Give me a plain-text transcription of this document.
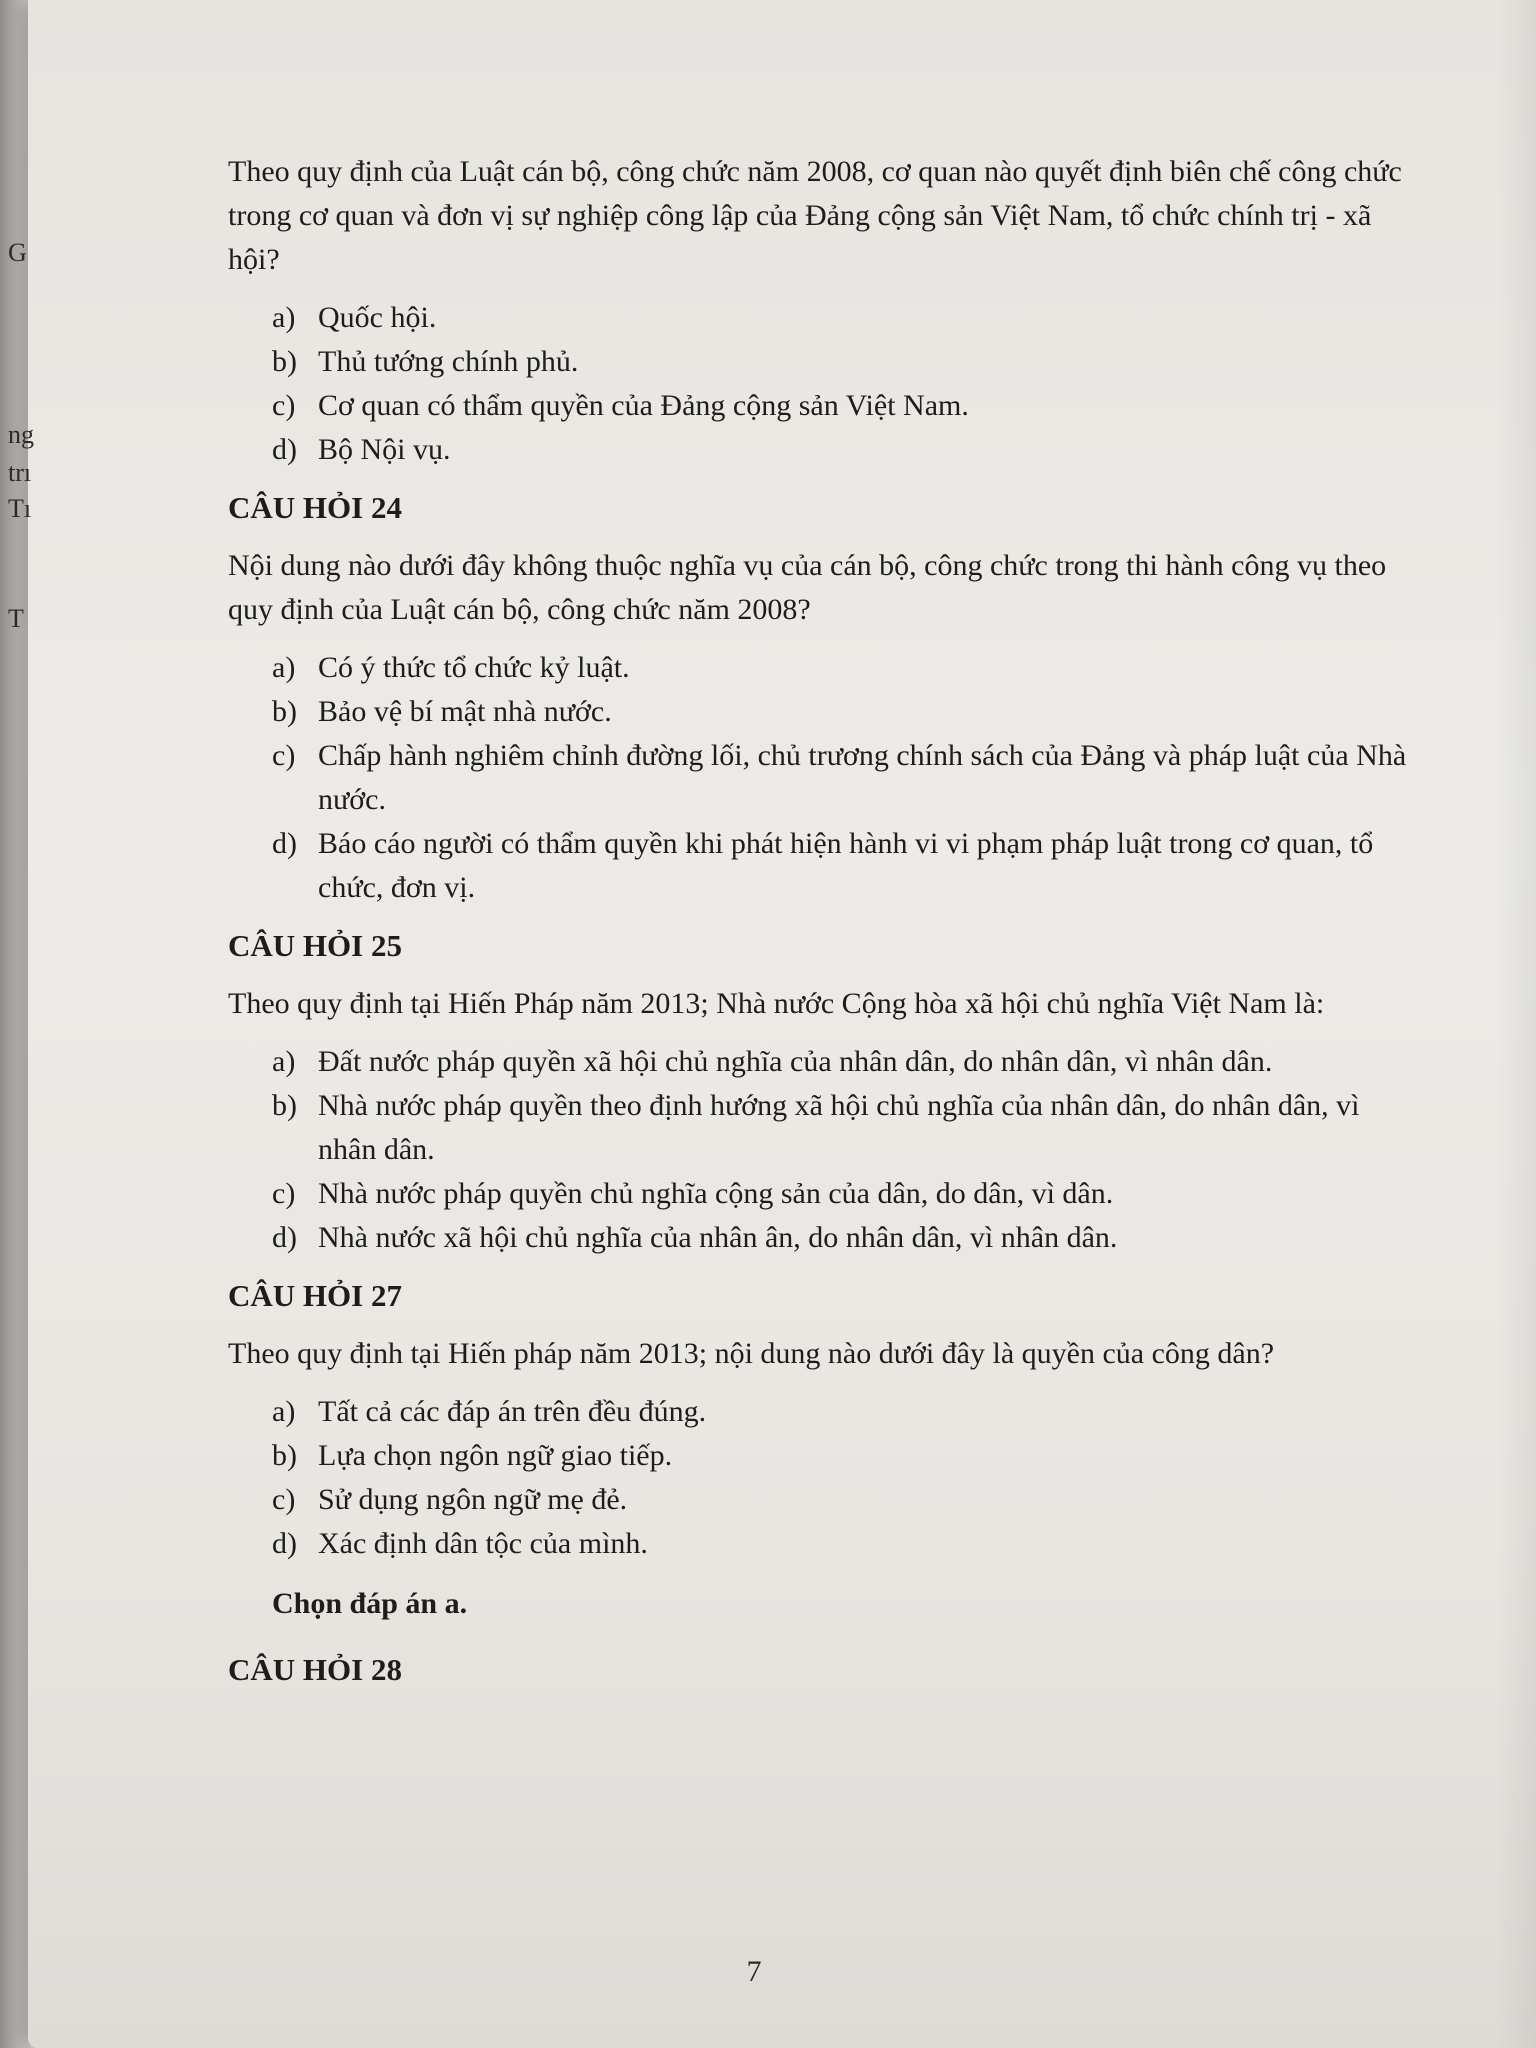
Theo quy định của Luật cán bộ, công chức năm 2008, cơ quan nào quyết định biên chế công chức trong cơ quan và đơn vị sự nghiệp công lập của Đảng cộng sản Việt Nam, tổ chức chính trị - xã hội?

a) Quốc hội.
b) Thủ tướng chính phủ.
c) Cơ quan có thẩm quyền của Đảng cộng sản Việt Nam.
d) Bộ Nội vụ.
CÂU HỎI 24

Nội dung nào dưới đây không thuộc nghĩa vụ của cán bộ, công chức trong thi hành công vụ theo quy định của Luật cán bộ, công chức năm 2008?

a) Có ý thức tổ chức kỷ luật.
b) Bảo vệ bí mật nhà nước.
c) Chấp hành nghiêm chỉnh đường lối, chủ trương chính sách của Đảng và pháp luật của Nhà nước.
d) Báo cáo người có thẩm quyền khi phát hiện hành vi vi phạm pháp luật trong cơ quan, tổ chức, đơn vị.
CÂU HỎI 25

Theo quy định tại Hiến Pháp năm 2013; Nhà nước Cộng hòa xã hội chủ nghĩa Việt Nam là:

a) Đất nước pháp quyền xã hội chủ nghĩa của nhân dân, do nhân dân, vì nhân dân.
b) Nhà nước pháp quyền theo định hướng xã hội chủ nghĩa của nhân dân, do nhân dân, vì nhân dân.
c) Nhà nước pháp quyền chủ nghĩa cộng sản của dân, do dân, vì dân.
d) Nhà nước xã hội chủ nghĩa của nhân ân, do nhân dân, vì nhân dân.
CÂU HỎI 27

Theo quy định tại Hiến pháp năm 2013; nội dung nào dưới đây là quyền của công dân?

a) Tất cả các đáp án trên đều đúng.
b) Lựa chọn ngôn ngữ giao tiếp.
c) Sử dụng ngôn ngữ mẹ đẻ.
d) Xác định dân tộc của mình.
Chọn đáp án a.
CÂU HỎI 28
7
G
ng
trı
Tı
T
